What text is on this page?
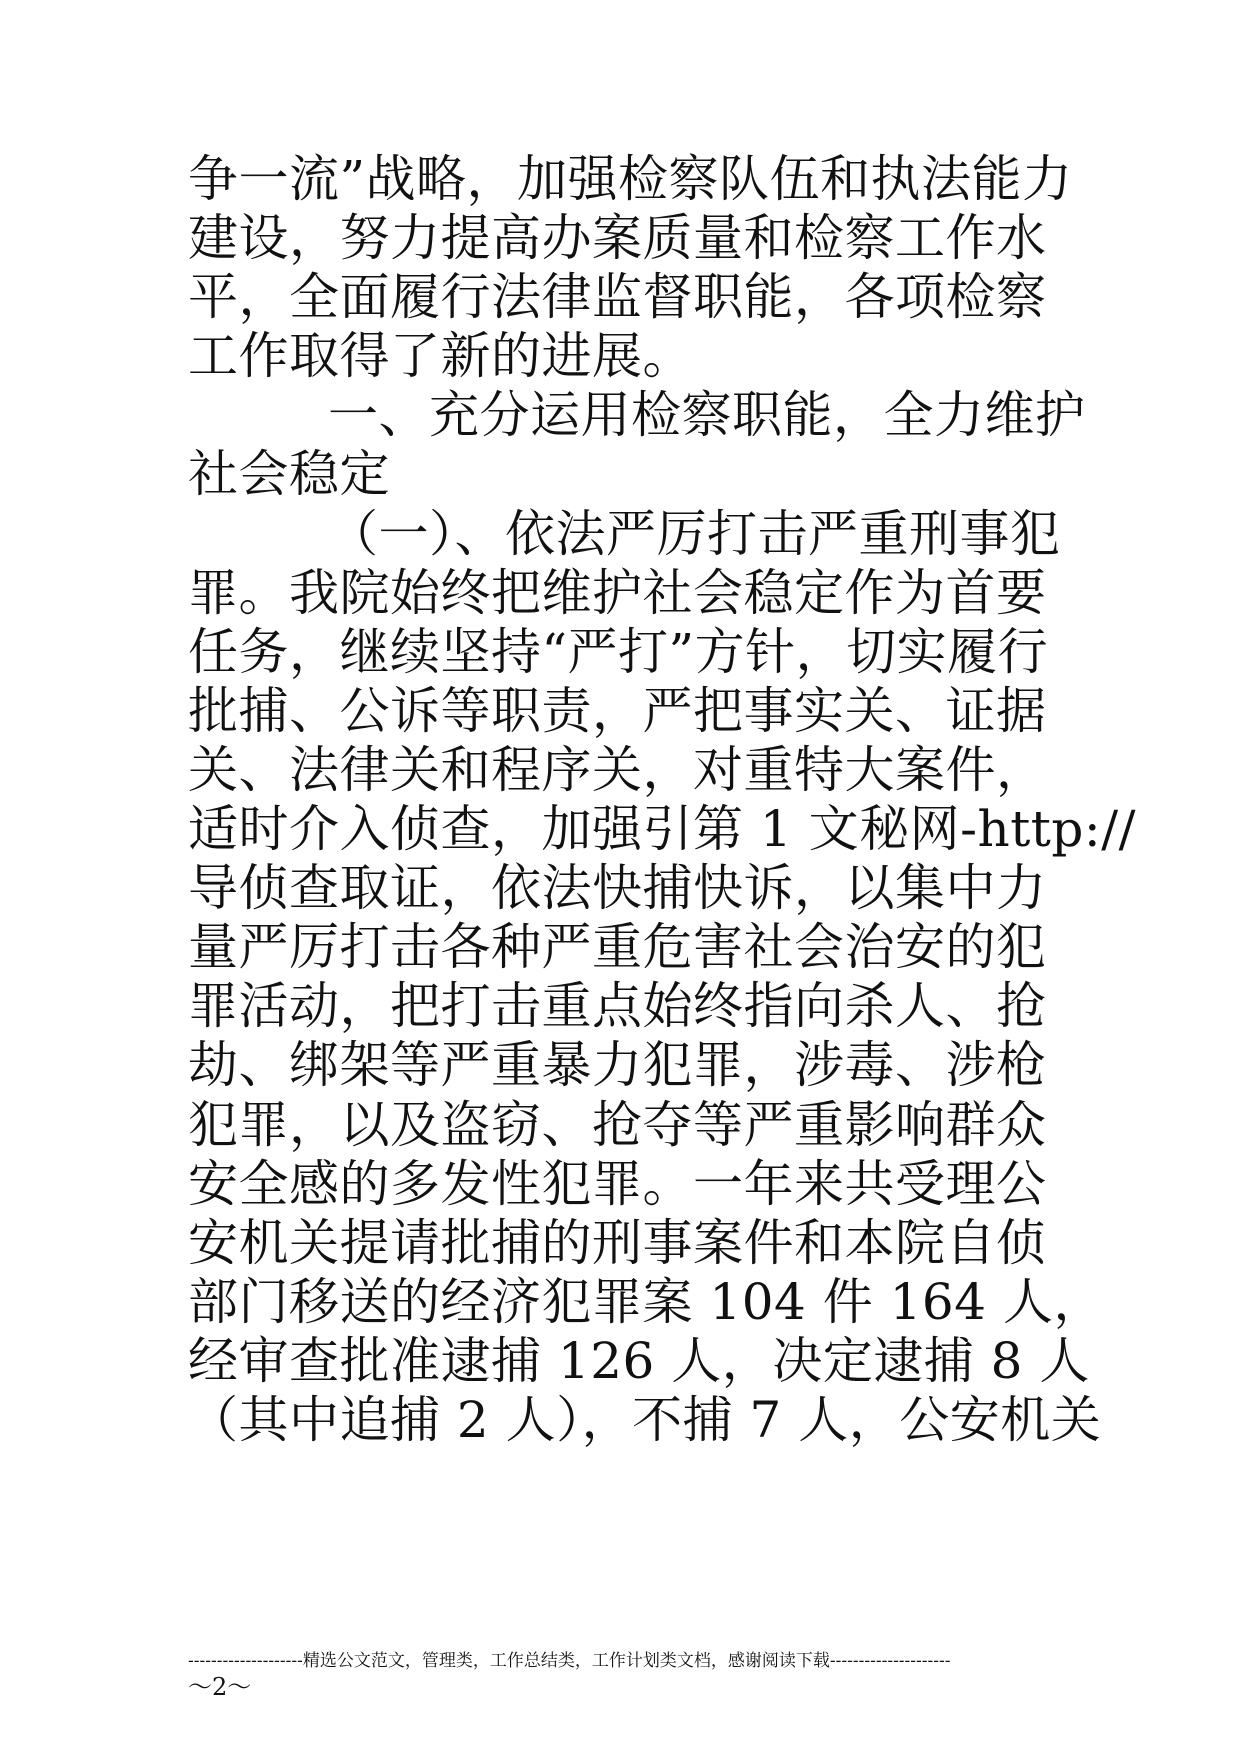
争一流”战略，加强检察队伍和执法能力
建设，努力提高办案质量和检察工作水
平，全面履行法律监督职能，各项检察
工作取得了新的进展。
一、充分运用检察职能，全力维护
社会稳定
（一）、依法严厉打击严重刑事犯
罪。我院始终把维护社会稳定作为首要
任务，继续坚持“严打”方针，切实履行
批捕、公诉等职责，严把事实关、证据
关、法律关和程序关，对重特大案件，
适时介入侦查，加强引第 1 文秘网-http://
导侦查取证，依法快捕快诉，以集中力
量严厉打击各种严重危害社会治安的犯
罪活动，把打击重点始终指向杀人、抢
劫、绑架等严重暴力犯罪，涉毒、涉枪
犯罪，以及盗窃、抢夺等严重影响群众
安全感的多发性犯罪。一年来共受理公
安机关提请批捕的刑事案件和本院自侦
部门移送的经济犯罪案 104 件 164 人，
经审查批准逮捕 126 人，决定逮捕 8 人
（其中追捕 2 人），不捕 7 人，公安机关
--------------------精选公文范文，管理类，工作总结类，工作计划类文档，感谢阅读下载---------------------
～2～
